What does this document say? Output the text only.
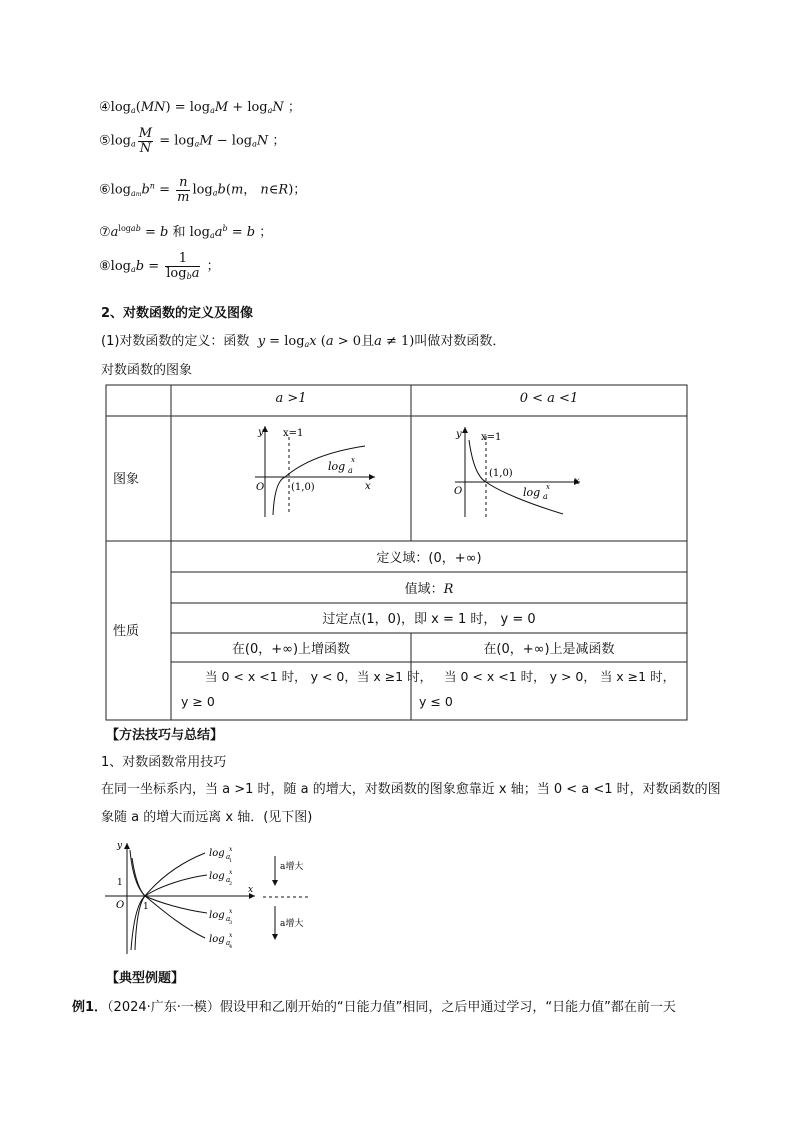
$④\log_a(MN) = \log_aM + \log_aN$ ；
$⑤\log_a \frac{M}{N} = \log_aM - \log_aN$ ；
$⑥\log_{am}b^n = \frac{n}{m} \log_ab(m$， n∈R)；
$⑦a^{logab} = b$ 和 $\log_aa^b = b$ ；
$⑧\log_ab = \frac{1}{\log_ba}$ ；
2、对数函数的定义及图像
(1)对数函数的定义：函数 $y = \log_ax$ (a > 0且a ≠ 1)叫做对数函数．
对数函数的图象
a >1	0 < a <1
图象
性质
定义域：(0，+∞)
值域：R
过定点(1，0)，即 x = 1 时， y = 0
在(0，+∞)上增函数	在(0，+∞)上是减函数
当 0 < x <1 时， y < 0，当 x ≥1 时，
y ≥ 0
当 0 < x <1 时， y > 0， 当 x ≥1 时，
y ≤ 0
y
x
O
x=1
(1,0)
log a
x
y
x
O
x=1
(1,0)
log a
x
【方法技巧与总结】
1、对数函数常用技巧
在同一坐标系内，当 a >1 时，随 a 的增大，对数函数的图象愈靠近 x 轴；当 0 < a <1 时，对数函数的图
象随 a 的增大而远离 x 轴．(见下图)
y
x
O
1
1
log a
1
x
log a
2
x
log a
3
x
log a
4
x
a增大
a增大
【典型例题】
例1．（2024·广东·一模）假设甲和乙刚开始的“日能力值”相同，之后甲通过学习，“日能力值”都在前一天
